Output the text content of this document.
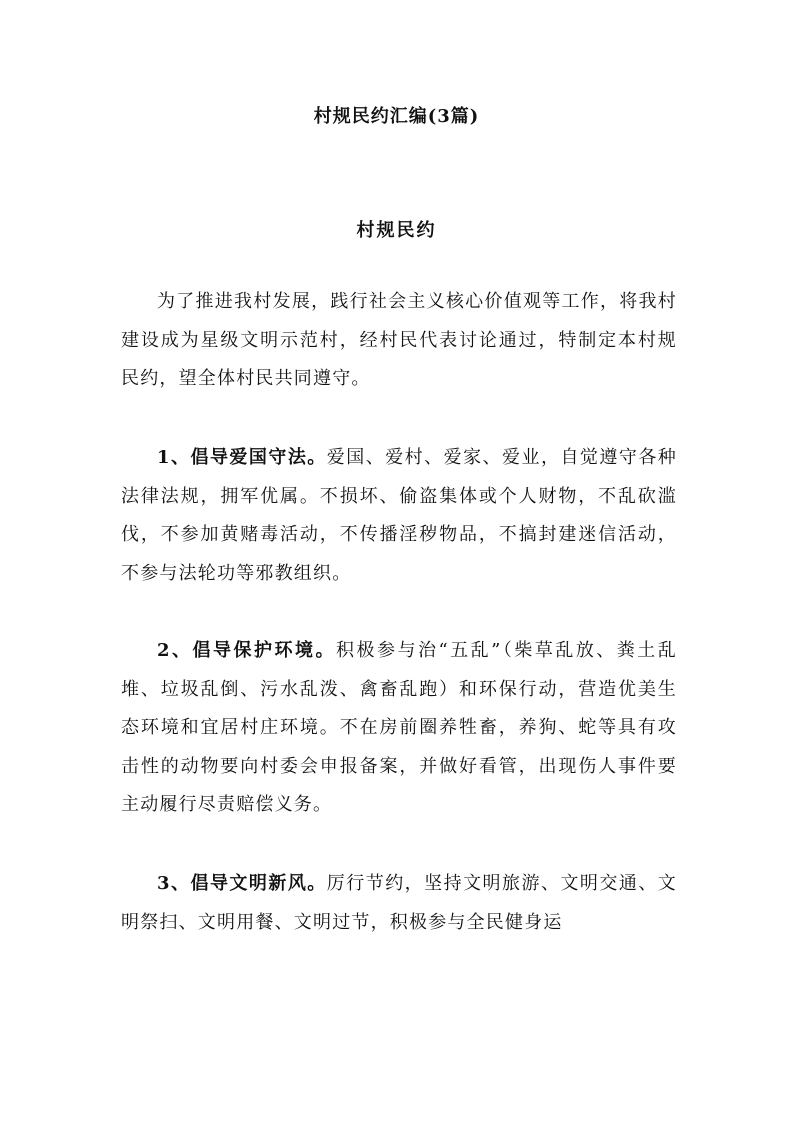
村规民约汇编(3篇)
村规民约

为了推进我村发展，践行社会主义核心价值观等工作，将我村建设成为星级文明示范村，经村民代表讨论通过，特制定本村规民约，望全体村民共同遵守。

1、倡导爱国守法。爱国、爱村、爱家、爱业，自觉遵守各种法律法规，拥军优属。不损坏、偷盗集体或个人财物，不乱砍滥伐，不参加黄赌毒活动，不传播淫秽物品，不搞封建迷信活动，不参与法轮功等邪教组织。

2、倡导保护环境。积极参与治“五乱”（柴草乱放、粪土乱堆、垃圾乱倒、污水乱泼、禽畜乱跑）和环保行动，营造优美生态环境和宜居村庄环境。不在房前圈养牲畜，养狗、蛇等具有攻击性的动物要向村委会申报备案，并做好看管，出现伤人事件要主动履行尽责赔偿义务。

3、倡导文明新风。厉行节约，坚持文明旅游、文明交通、文明祭扫、文明用餐、文明过节，积极参与全民健身运
